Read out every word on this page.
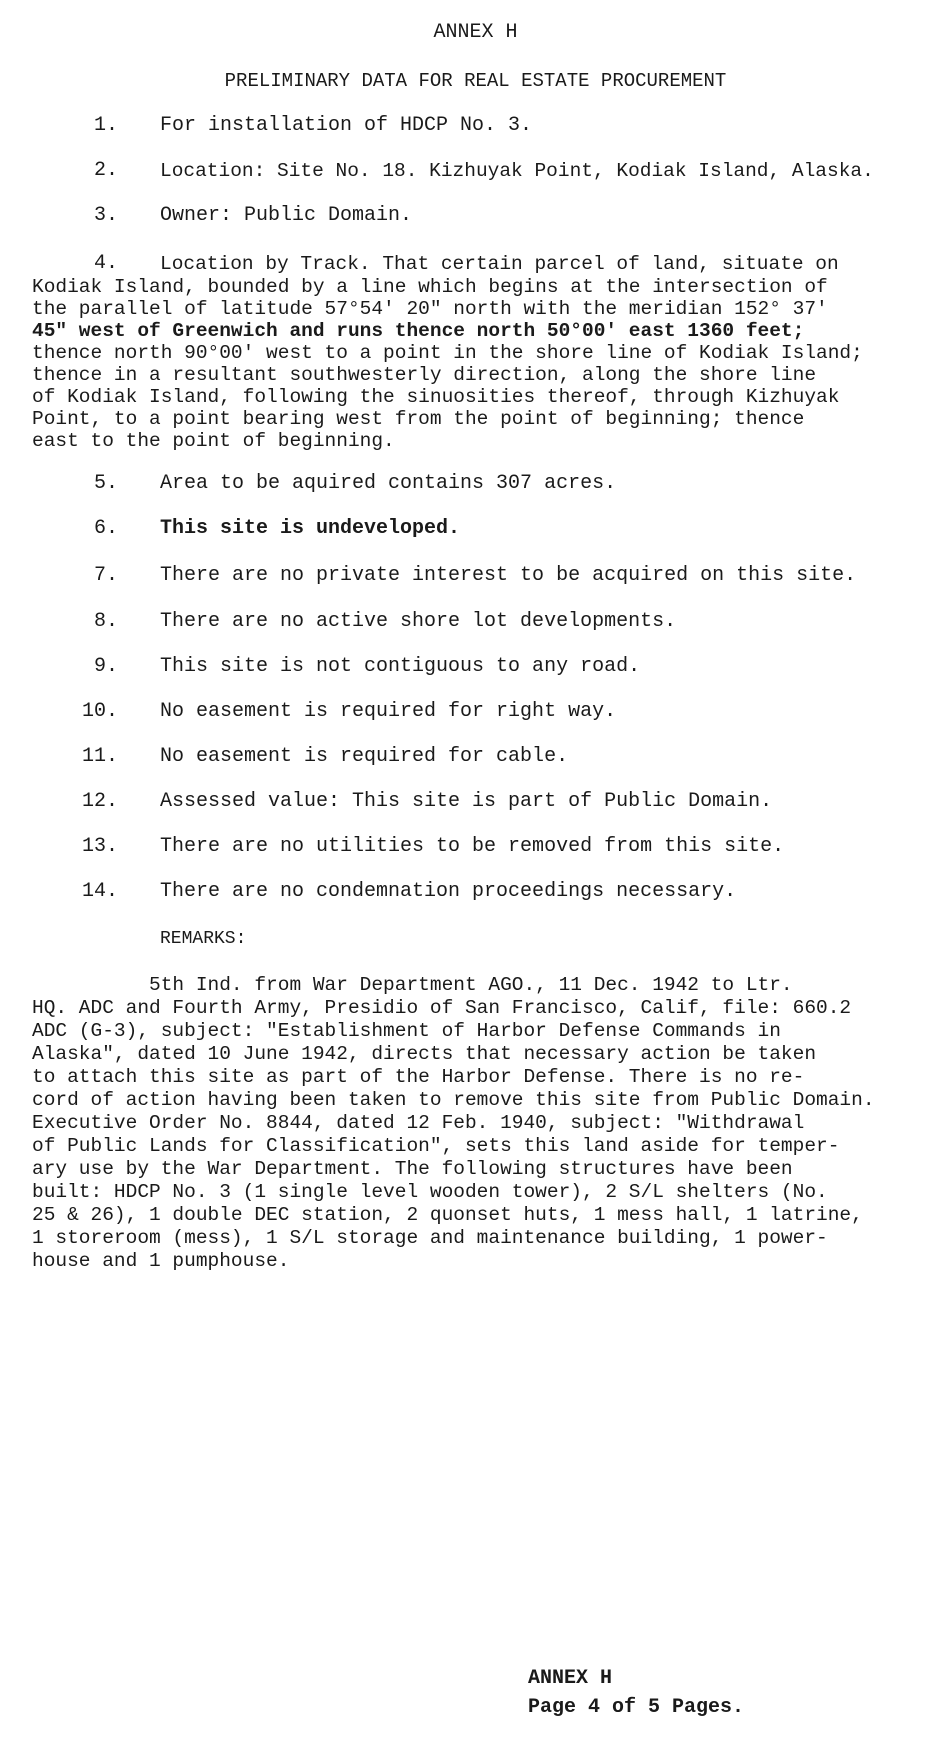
ANNEX H
PRELIMINARY DATA FOR REAL ESTATE PROCUREMENT
1. For installation of HDCP No. 3.
2. Location: Site No. 18. Kizhuyak Point, Kodiak Island, Alaska.
3. Owner: Public Domain.
4. Location by Track. That certain parcel of land, situate on
Kodiak Island, bounded by a line which begins at the intersection of
the parallel of latitude 57°54' 20" north with the meridian 152° 37'
45" west of Greenwich and runs thence north 50°00' east 1360 feet;
thence north 90°00' west to a point in the shore line of Kodiak Island;
thence in a resultant southwesterly direction, along the shore line
of Kodiak Island, following the sinuosities thereof, through Kizhuyak
Point, to a point bearing west from the point of beginning; thence
east to the point of beginning.
5. Area to be aquired contains 307 acres.
6. This site is undeveloped.
7. There are no private interest to be acquired on this site.
8. There are no active shore lot developments.
9. This site is not contiguous to any road.
10. No easement is required for right way.
11. No easement is required for cable.
12. Assessed value: This site is part of Public Domain.
13. There are no utilities to be removed from this site.
14. There are no condemnation proceedings necessary.
REMARKS:
5th Ind. from War Department AGO., 11 Dec. 1942 to Ltr.
HQ. ADC and Fourth Army, Presidio of San Francisco, Calif, file: 660.2
ADC (G-3), subject: "Establishment of Harbor Defense Commands in
Alaska", dated 10 June 1942, directs that necessary action be taken
to attach this site as part of the Harbor Defense. There is no re-
cord of action having been taken to remove this site from Public Domain.
Executive Order No. 8844, dated 12 Feb. 1940, subject: "Withdrawal
of Public Lands for Classification", sets this land aside for temper-
ary use by the War Department. The following structures have been
built: HDCP No. 3 (1 single level wooden tower), 2 S/L shelters (No.
25 & 26), 1 double DEC station, 2 quonset huts, 1 mess hall, 1 latrine,
1 storeroom (mess), 1 S/L storage and maintenance building, 1 power-
house and 1 pumphouse.
ANNEX H
Page 4 of 5 Pages.
